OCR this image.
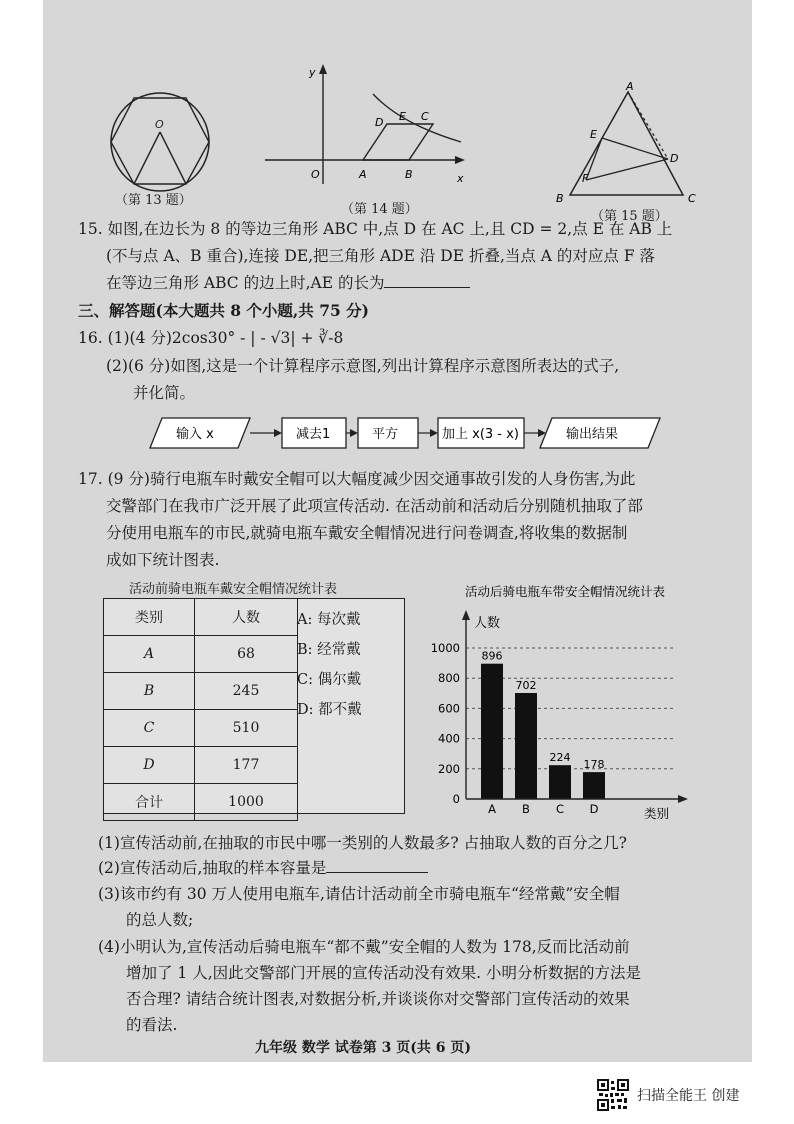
O
（第 13 题）
y
x
O	A	B
D E C
（第 14 题）
A
E
D
F
B	C
（第 15 题）
15. 如图,在边长为 8 的等边三角形 ABC 中,点 D 在 AC 上,且 CD = 2,点 E 在 AB 上
(不与点 A、B 重合),连接 DE,把三角形 ADE 沿 DE 折叠,当点 A 的对应点 F 落
在等边三角形 ABC 的边上时,AE 的长为
三、解答题(本大题共 8 个小题,共 75 分)
16. (1)(4 分)2cos30° - | - √3| + ∛-8
(2)(6 分)如图,这是一个计算程序示意图,列出计算程序示意图所表达的式子,
并化简。
输入 x	减去1	平方	加上 x(3 - x)	输出结果
17. (9 分)骑行电瓶车时戴安全帽可以大幅度减少因交通事故引发的人身伤害,为此
交警部门在我市广泛开展了此项宣传活动. 在活动前和活动后分别随机抽取了部
分使用电瓶车的市民,就骑电瓶车戴安全帽情况进行问卷调查,将收集的数据制
成如下统计图表.
活动前骑电瓶车戴安全帽情况统计表
类别	人数
A	68
B	245
C	510
D	177
合计	1000
A: 每次戴
B: 经常戴
C: 偶尔戴
D: 都不戴
活动后骑电瓶车带安全帽情况统计表
人数
类别
0
200
400
600
800
1000
A B C D
896
702
224
178
(1)宣传活动前,在抽取的市民中哪一类别的人数最多? 占抽取人数的百分之几?
(2)宣传活动后,抽取的样本容量是
(3)该市约有 30 万人使用电瓶车,请估计活动前全市骑电瓶车“经常戴”安全帽
的总人数;
(4)小明认为,宣传活动后骑电瓶车“都不戴”安全帽的人数为 178,反而比活动前
增加了 1 人,因此交警部门开展的宣传活动没有效果. 小明分析数据的方法是
否合理? 请结合统计图表,对数据分析,并谈谈你对交警部门宣传活动的效果
的看法.
九年级 数学 试卷第 3 页(共 6 页)
扫描全能王 创建
